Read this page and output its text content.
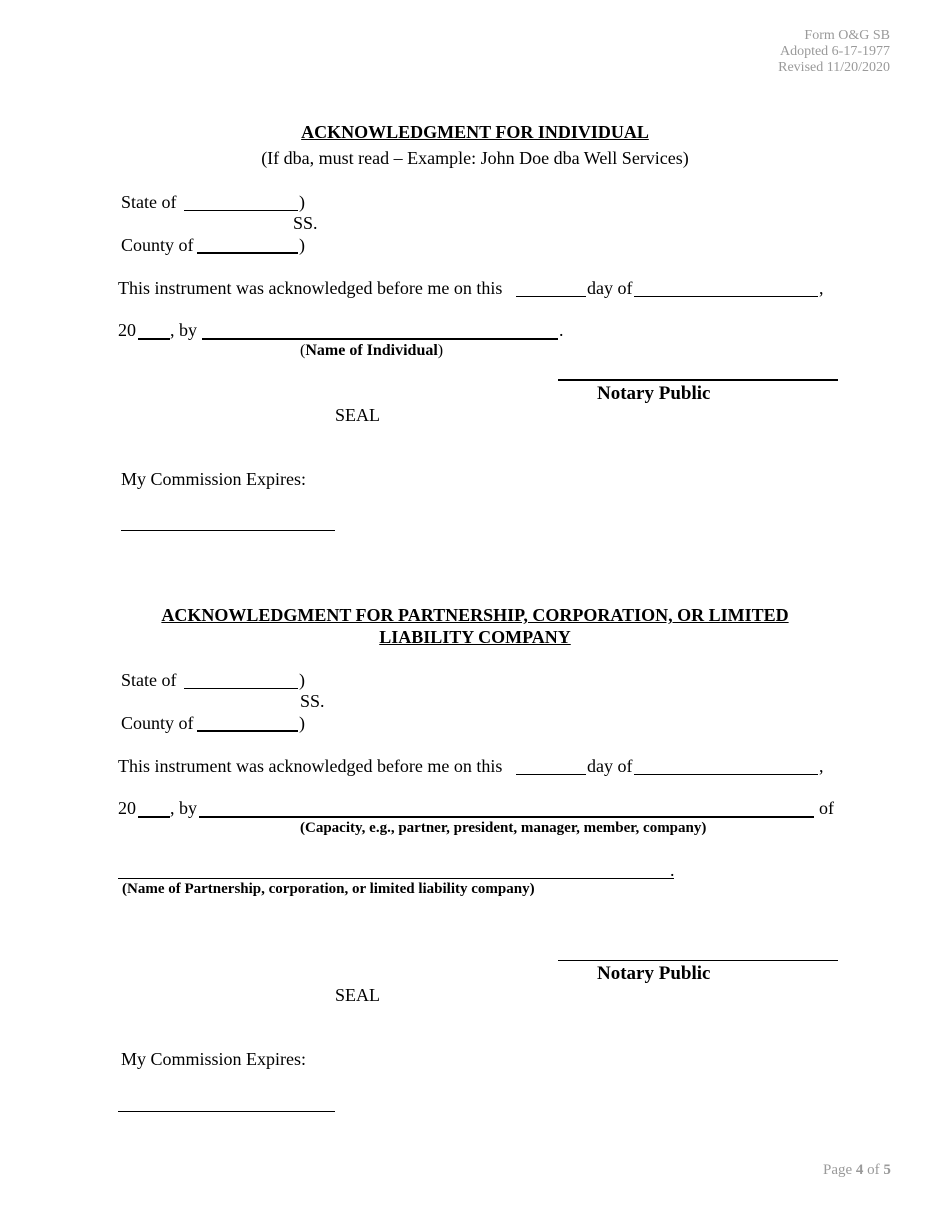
Form O&G SB
Adopted 6-17-1977
Revised 11/20/2020
ACKNOWLEDGMENT FOR INDIVIDUAL
(If dba, must read – Example: John Doe dba Well Services)
State of	)
SS.
County of	)
This instrument was acknowledged before me on this	day of	,
20 , by	.
(Name of Individual)
Notary Public
SEAL
My Commission Expires:
ACKNOWLEDGMENT FOR PARTNERSHIP, CORPORATION, OR LIMITED
LIABILITY COMPANY
State of	)
SS.
County of	)
This instrument was acknowledged before me on this	day of	,
20 , by	of
(Capacity, e.g., partner, president, manager, member, company)
.
(Name of Partnership, corporation, or limited liability company)
Notary Public
SEAL
My Commission Expires:
Page 4 of 5
